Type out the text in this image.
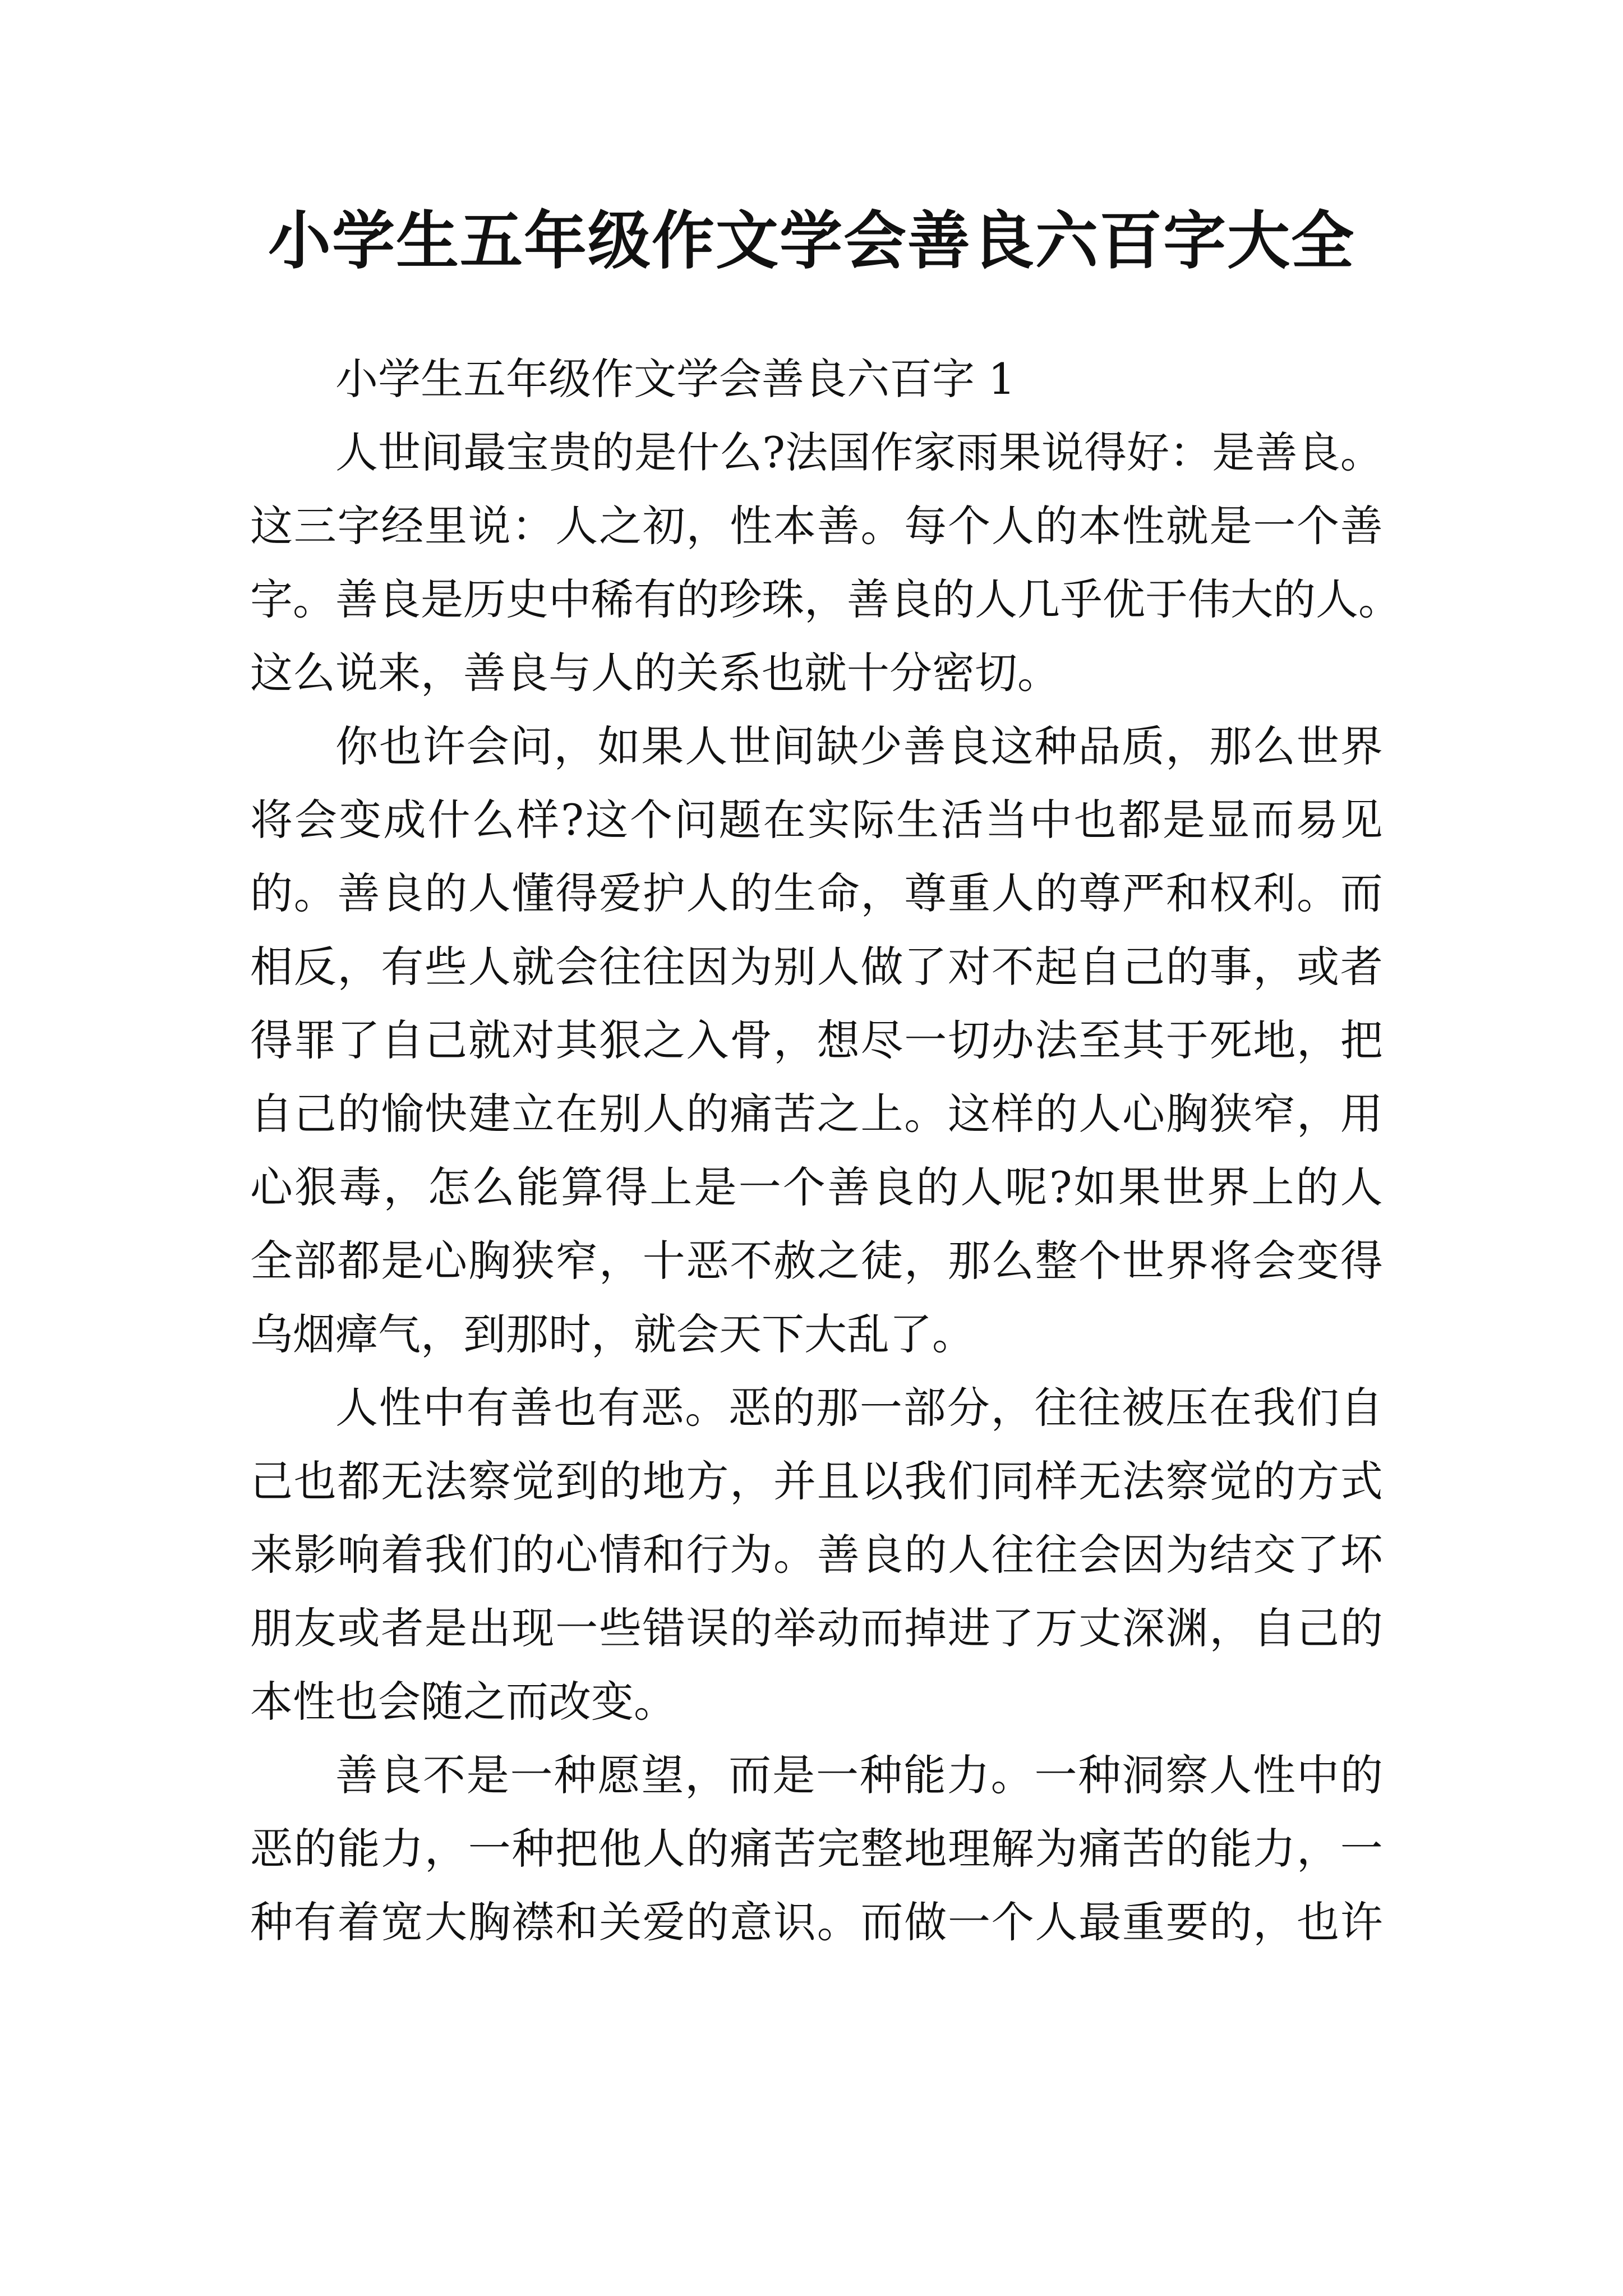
小学生五年级作文学会善良六百字大全
小学生五年级作文学会善良六百字 1
人 世 间 最 宝 贵 的 是 什 么 ? 法 国 作 家 雨 果 说 得 好 ： 是 善 良 。
这 三 字 经 里 说 ： 人 之 初 ， 性 本 善 。 每 个 人 的 本 性 就 是 一 个 善
字 。 善 良 是 历 史 中 稀 有 的 珍 珠 ， 善 良 的 人 几 乎 优 于 伟 大 的 人 。
这么说来，善良与人的关系也就十分密切。
你 也 许 会 问 ， 如 果 人 世 间 缺 少 善 良 这 种 品 质 ， 那 么 世 界
将 会 变 成 什 么 样 ? 这 个 问 题 在 实 际 生 活 当 中 也 都 是 显 而 易 见
的 。 善 良 的 人 懂 得 爱 护 人 的 生 命 ， 尊 重 人 的 尊 严 和 权 利 。 而
相 反 ， 有 些 人 就 会 往 往 因 为 别 人 做 了 对 不 起 自 己 的 事 ， 或 者
得 罪 了 自 己 就 对 其 狠 之 入 骨 ， 想 尽 一 切 办 法 至 其 于 死 地 ， 把
自 己 的 愉 快 建 立 在 别 人 的 痛 苦 之 上 。 这 样 的 人 心 胸 狭 窄 ， 用
心 狠 毒 ， 怎 么 能 算 得 上 是 一 个 善 良 的 人 呢 ? 如 果 世 界 上 的 人
全 部 都 是 心 胸 狭 窄 ， 十 恶 不 赦 之 徒 ， 那 么 整 个 世 界 将 会 变 得
乌烟瘴气，到那时，就会天下大乱了。
人 性 中 有 善 也 有 恶 。 恶 的 那 一 部 分 ， 往 往 被 压 在 我 们 自
己 也 都 无 法 察 觉 到 的 地 方 ， 并 且 以 我 们 同 样 无 法 察 觉 的 方 式
来 影 响 着 我 们 的 心 情 和 行 为 。 善 良 的 人 往 往 会 因 为 结 交 了 坏
朋 友 或 者 是 出 现 一 些 错 误 的 举 动 而 掉 进 了 万 丈 深 渊 ， 自 己 的
本性也会随之而改变。
善 良 不 是 一 种 愿 望 ， 而 是 一 种 能 力 。 一 种 洞 察 人 性 中 的
恶 的 能 力 ， 一 种 把 他 人 的 痛 苦 完 整 地 理 解 为 痛 苦 的 能 力 ， 一
种 有 着 宽 大 胸 襟 和 关 爱 的 意 识 。 而 做 一 个 人 最 重 要 的 ， 也 许
